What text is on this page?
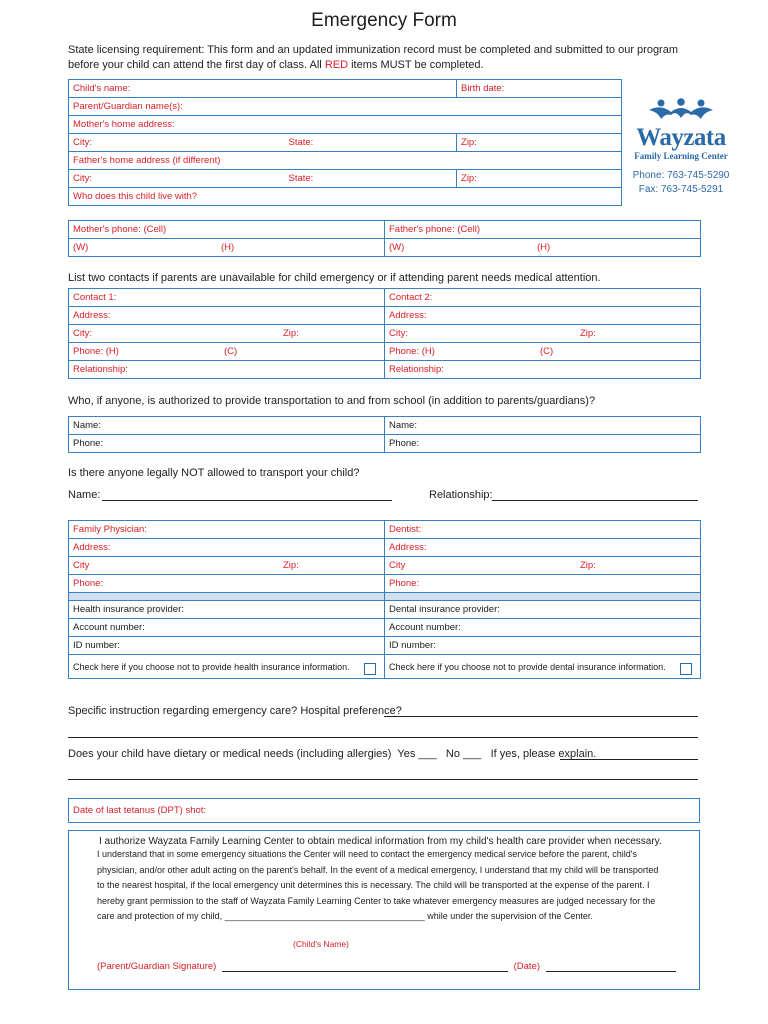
Emergency Form
State licensing requirement: This form and an updated immunization record must be completed and submitted to our program
before your child can attend the first day of class. All RED items MUST be completed.
Child's name:		Birth date:
Parent/Guardian name(s):		
Mother's home address:		
City:	State:	Zip:
Father's home address (if different)		
City:	State:	Zip:
Who does this child live with?		
Wayzata
Family Learning Center
Phone: 763-745-5290
Fax: 763-745-5291
Mother's phone: (Cell)	Father's phone: (Cell)
(W) (H)	(W) (H)
List two contacts if parents are unavailable for child emergency or if attending parent needs medical attention.
Contact 1:	Contact 2:
Address:	Address:
City: Zip:	City: Zip:
Phone: (H) (C)	Phone: (H) (C)
Relationship:	Relationship:
Who, if anyone, is authorized to provide transportation to and from school (in addition to parents/guardians)?
Name:	Name:
Phone:	Phone:
Is there anyone legally NOT allowed to transport your child?
Name:	Relationship:
Family Physician:	Dentist:
Address:	Address:
City Zip:	City Zip:
Phone:	Phone:

Health insurance provider:	Dental insurance provider:
Account number:	Account number:
ID number:	ID number:
Check here if you choose not to provide health insurance information.	Check here if you choose not to provide dental insurance information.
Specific instruction regarding emergency care? Hospital preference?
Does your child have dietary or medical needs (including allergies) Yes ___ No ___ If yes, please explain.
Date of last tetanus (DPT) shot:
I authorize Wayzata Family Learning Center to obtain medical information from my child's health care provider when necessary.
I understand that in some emergency situations the Center will need to contact the emergency medical service before the parent, child's physician, and/or other adult acting on the parent's behalf. In the event of a medical emergency, I understand that my child will be transported to the nearest hospital, if the local emergency unit determines this is necessary. The child will be transported at the expense of the parent. I hereby grant permission to the staff of Wayzata Family Learning Center to take whatever emergency measures are judged necessary for the care and protection of my child, ________________________________________ while under the supervision of the Center.
(Child's Name)
(Parent/Guardian Signature)	(Date)
